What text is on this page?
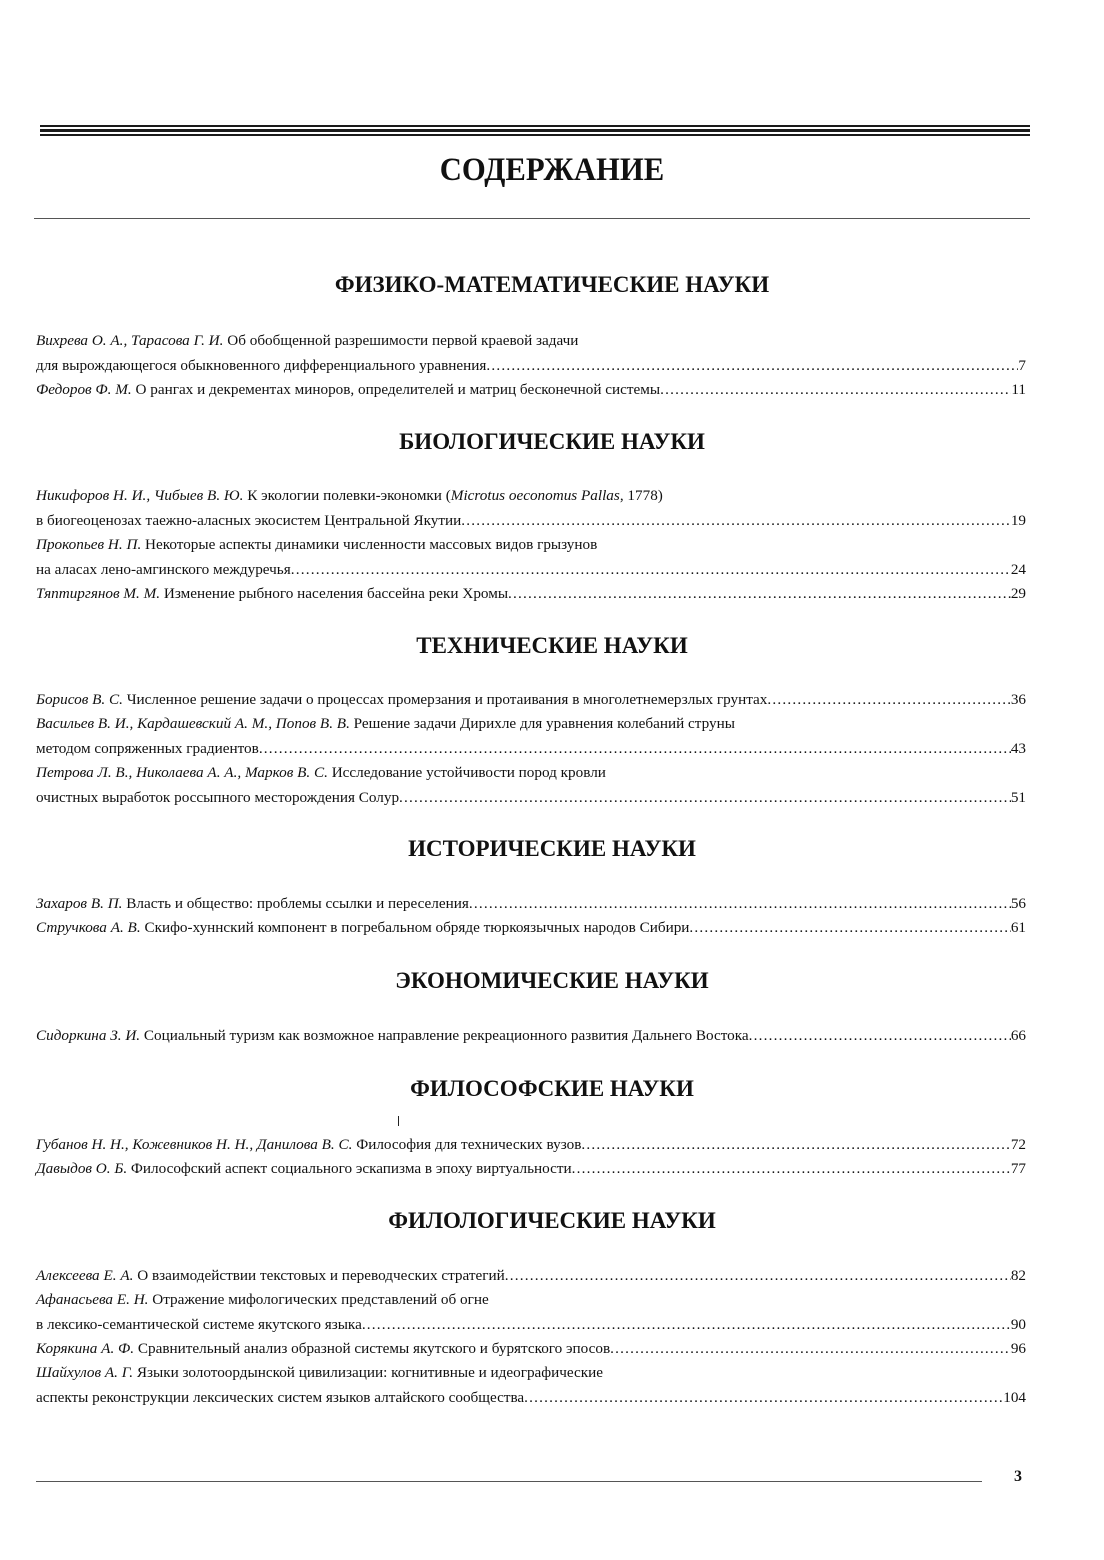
СОДЕРЖАНИЕ
ФИЗИКО-МАТЕМАТИЧЕСКИЕ НАУКИ
Вихрева О. А., Тарасова Г. И.
Об обобщенной разрешимости первой краевой задачи
для вырождающегося обыкновенного дифференциального уравнения .....	7
Федоров Ф. М.
О рангах и декрементах миноров, определителей и матриц бесконечной системы .....	11
БИОЛОГИЧЕСКИЕ НАУКИ
Никифоров Н. И., Чибыев В. Ю.
К экологии полевки-экономки ( Microtus oeconomus Pallas , 1778)
в биогеоценозах таежно-аласных экосистем Центральной Якутии .....	19
Прокопьев Н. П.
Некоторые аспекты динамики численности массовых видов грызунов
на аласах лено-амгинского междуречья .....	24
Тяптиргянов М. М.
Изменение рыбного населения бассейна реки Хромы .....	29
ТЕХНИЧЕСКИЕ НАУКИ
Борисов В. С.
Численное решение задачи о процессах промерзания и протаивания в многолетнемерзлых грунтах .....	36
Васильев В. И., Кардашевский А. М., Попов В. В.
Решение задачи Дирихле для уравнения колебаний струны
методом сопряженных градиентов .....	43
Петрова Л. В., Николаева А. А., Марков В. С.
Исследование устойчивости пород кровли
очистных выработок россыпного месторождения Солур .....	51
ИСТОРИЧЕСКИЕ НАУКИ
Захаров В. П.
Власть и общество: проблемы ссылки и переселения .....	56
Стручкова А. В.
Скифо-хуннский компонент в погребальном обряде тюркоязычных народов Сибири .....	61
ЭКОНОМИЧЕСКИЕ НАУКИ
Сидоркина З. И.
Социальный туризм как возможное направление рекреационного развития Дальнего Востока .....	66
ФИЛОСОФСКИЕ НАУКИ
Губанов Н. Н., Кожевников Н. Н., Данилова В. С.
Философия для технических вузов .....	72
Давыдов О. Б.
Философский аспект социального эскапизма в эпоху виртуальности .....	77
ФИЛОЛОГИЧЕСКИЕ НАУКИ
Алексеева Е. А.
О взаимодействии текстовых и переводческих стратегий .....	82
Афанасьева Е. Н.
Отражение мифологических представлений об огне
в лексико-семантической системе якутского языка .....	90
Корякина А. Ф.
Сравнительный анализ образной системы якутского и бурятского эпосов .....	96
Шайхулов А. Г.
Языки золотоордынской цивилизации: когнитивные и идеографические
аспекты реконструкции лексических систем языков алтайского сообщества .....	104
3
